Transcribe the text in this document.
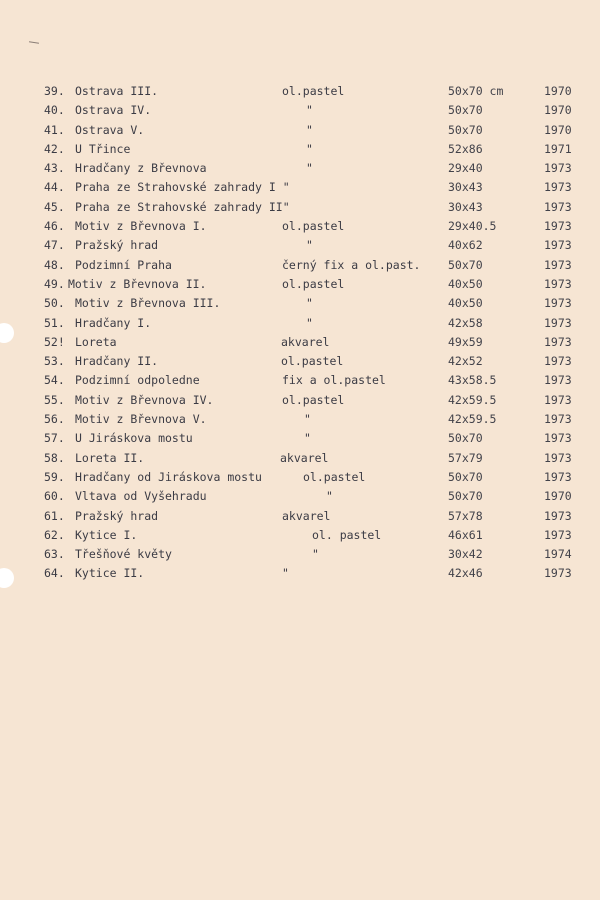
39. Ostrava III.	ol.pastel	50x70 cm	1970
40. Ostrava IV.	"	50x70	1970
41. Ostrava V.	"	50x70	1970
42. U Třince	"	52x86	1971
43. Hradčany z Břevnova	"	29x40	1973
44. Praha ze Strahovské zahrady I "	30x43	1973
45. Praha ze Strahovské zahrady II"	30x43	1973
46. Motiv z Břevnova I.	ol.pastel	29x40.5	1973
47. Pražský hrad	"	40x62	1973
48. Podzimní Praha	černý fix a ol.past. 50x70	1973
49. Motiv z Břevnova II.	ol.pastel	40x50	1973
50. Motiv z Břevnova III.	"	40x50	1973
51. Hradčany I.	"	42x58	1973
52! Loreta	akvarel	49x59	1973
53. Hradčany II.	ol.pastel	42x52	1973
54. Podzimní odpoledne	fix a ol.pastel	43x58.5	1973
55. Motiv z Břevnova IV.	ol.pastel	42x59.5	1973
56. Motiv z Břevnova V.	"	42x59.5	1973
57. U Jiráskova mostu	"	50x70	1973
58. Loreta II.	akvarel	57x79	1973
59. Hradčany od Jiráskova mostu	ol.pastel	50x70	1973
60. Vltava od Vyšehradu	"	50x70	1970
61. Pražský hrad	akvarel	57x78	1973
62. Kytice I.	ol. pastel	46x61	1973
63. Třešňové květy	"	30x42	1974
64. Kytice II.	"	42x46	1973
